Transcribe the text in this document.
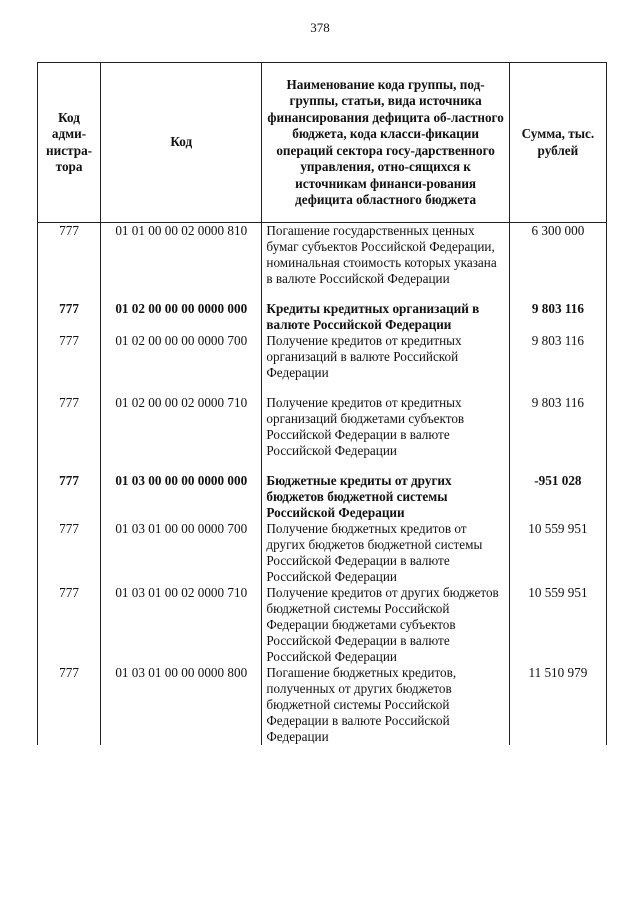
378
Код адми-нистра-тора	Код	Наименование кода группы, под-группы, статьи, вида источника финансирования дефицита об-ластного бюджета, кода класси-фикации операций сектора госу-дарственного управления, отно-сящихся к источникам финанси-рования дефицита областного бюджета	Сумма, тыс. рублей
777	01 01 00 00 02 0000 810	Погашение государственных ценных бумаг субъектов Российской Федерации, номинальная стоимость которых указана в валюте Российской Федерации	6 300 000
777	01 02 00 00 00 0000 000	Кредиты кредитных организаций в валюте Российской Федерации	9 803 116
777	01 02 00 00 00 0000 700	Получение кредитов от кредитных организаций в валюте Российской Федерации	9 803 116
777	01 02 00 00 02 0000 710	Получение кредитов от кредитных организаций бюджетами субъектов Российской Федерации в валюте Российской Федерации	9 803 116
777	01 03 00 00 00 0000 000	Бюджетные кредиты от других бюджетов бюджетной системы Российской Федерации	-951 028
777	01 03 01 00 00 0000 700	Получение бюджетных кредитов от других бюджетов бюджетной системы Российской Федерации в валюте Российской Федерации	10 559 951
777	01 03 01 00 02 0000 710	Получение кредитов от других бюджетов бюджетной системы Российской Федерации бюджетами субъектов Российской Федерации в валюте Российской Федерации	10 559 951
777	01 03 01 00 00 0000 800	Погашение бюджетных кредитов, полученных от других бюджетов бюджетной системы Российской Федерации в валюте Российской Федерации	11 510 979
